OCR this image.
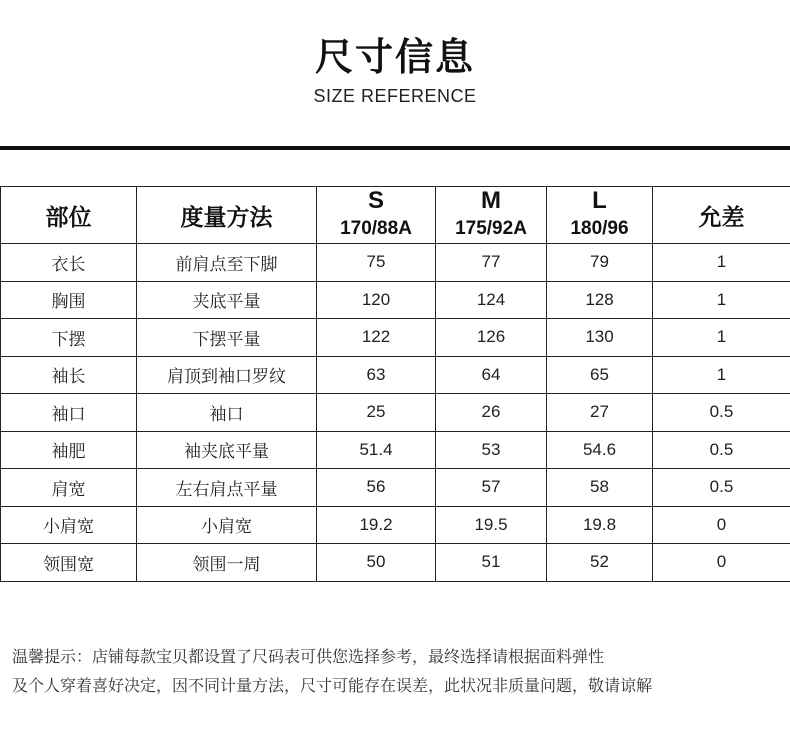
尺寸信息
SIZE REFERENCE
部位	度量方法	S	M	L	允差
		170/88A	175/92A	180/96	
衣长	前肩点至下脚	75	77	79	1
胸围	夹底平量	120	124	128	1
下摆	下摆平量	122	126	130	1
袖长	肩顶到袖口罗纹	63	64	65	1
袖口	袖口	25	26	27	0.5
袖肥	袖夹底平量	51.4	53	54.6	0.5
肩宽	左右肩点平量	56	57	58	0.5
小肩宽	小肩宽	19.2	19.5	19.8	0
领围宽	领围一周	50	51	52	0
温馨提示：店铺每款宝贝都设置了尺码表可供您选择参考，最终选择请根据面料弹性
及个人穿着喜好决定，因不同计量方法，尺寸可能存在误差，此状况非质量问题，敬请谅解
